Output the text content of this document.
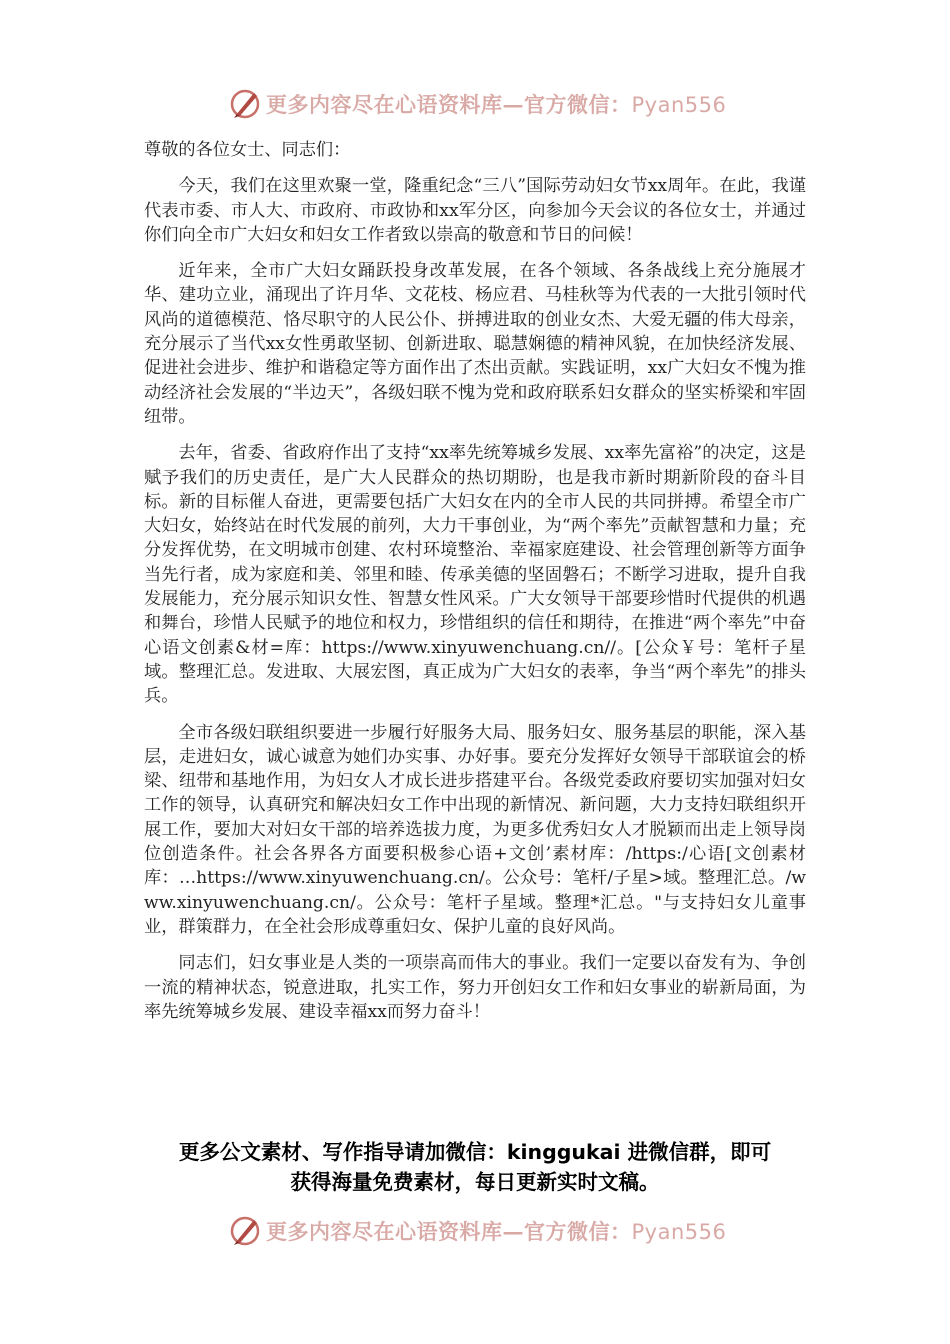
更多内容尽在心语资料库—官方微信：Pyan556

尊敬的各位女士、同志们：

今天，我们在这里欢聚一堂，隆重纪念“三八”国际劳动妇女节xx周年。在此，我谨代表市委、市人大、市政府、市政协和xx军分区，向参加今天会议的各位女士，并通过你们向全市广大妇女和妇女工作者致以崇高的敬意和节日的问候！

近年来，全市广大妇女踊跃投身改革发展，在各个领域、各条战线上充分施展才华、建功立业，涌现出了许月华、文花枝、杨应君、马桂秋等为代表的一大批引领时代风尚的道德模范、恪尽职守的人民公仆、拼搏进取的创业女杰、大爱无疆的伟大母亲，充分展示了当代xx女性勇敢坚韧、创新进取、聪慧娴德的精神风貌，在加快经济发展、促进社会进步、维护和谐稳定等方面作出了杰出贡献。实践证明，xx广大妇女不愧为推动经济社会发展的“半边天”，各级妇联不愧为党和政府联系妇女群众的坚实桥梁和牢固纽带。

去年，省委、省政府作出了支持“xx率先统筹城乡发展、xx率先富裕”的决定，这是赋予我们的历史责任，是广大人民群众的热切期盼，也是我市新时期新阶段的奋斗目标。新的目标催人奋进，更需要包括广大妇女在内的全市人民的共同拼搏。希望全市广大妇女，始终站在时代发展的前列，大力干事创业，为“两个率先”贡献智慧和力量；充分发挥优势，在文明城市创建、农村环境整治、幸福家庭建设、社会管理创新等方面争当先行者，成为家庭和美、邻里和睦、传承美德的坚固磐石；不断学习进取，提升自我发展能力，充分展示知识女性、智慧女性风采。广大女领导干部要珍惜时代提供的机遇和舞台，珍惜人民赋予的地位和权力，珍惜组织的信任和期待，在推进“两个率先”中奋心语文创素&材=库：https://www.xinyuwenchuang.cn//。[公众￥号：笔杆子星域。整理汇总。发进取、大展宏图，真正成为广大妇女的表率，争当“两个率先”的排头兵。

全市各级妇联组织要进一步履行好服务大局、服务妇女、服务基层的职能，深入基层，走进妇女，诚心诚意为她们办实事、办好事。要充分发挥好女领导干部联谊会的桥梁、纽带和基地作用，为妇女人才成长进步搭建平台。各级党委政府要切实加强对妇女工作的领导，认真研究和解决妇女工作中出现的新情况、新问题，大力支持妇联组织开展工作，要加大对妇女干部的培养选拔力度，为更多优秀妇女人才脱颖而出走上领导岗位创造条件。社会各界各方面要积极参心语+文创’素材库：/https:/心语[文创素材库：…https://www.xinyuwenchuang.cn/。公众号：笔杆/子星>域。整理汇总。/www.xinyuwenchuang.cn/。公众号：笔杆子星域。整理*汇总。"与支持妇女儿童事业，群策群力，在全社会形成尊重妇女、保护儿童的良好风尚。

同志们，妇女事业是人类的一项崇高而伟大的事业。我们一定要以奋发有为、争创一流的精神状态，锐意进取，扎实工作，努力开创妇女工作和妇女事业的崭新局面，为率先统筹城乡发展、建设幸福xx而努力奋斗！

更多公文素材、写作指导请加微信：kinggukai 进微信群，即可
获得海量免费素材，每日更新实时文稿。
更多内容尽在心语资料库—官方微信：Pyan556
